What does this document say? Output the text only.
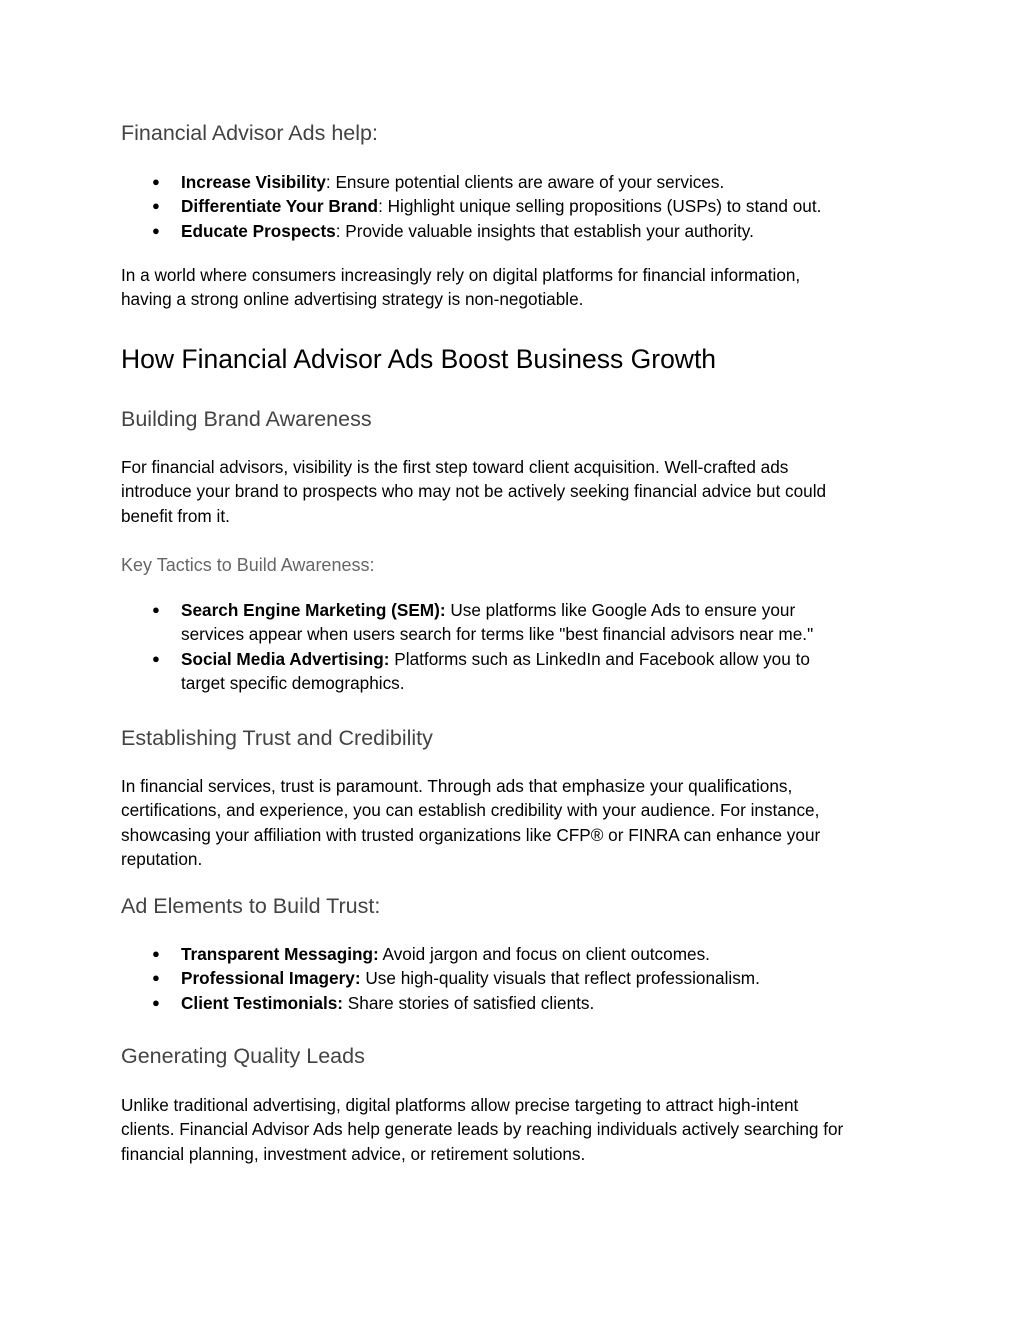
Financial Advisor Ads help:
● Increase Visibility: Ensure potential clients are aware of your services.
● Differentiate Your Brand: Highlight unique selling propositions (USPs) to stand out.
● Educate Prospects: Provide valuable insights that establish your authority.

In a world where consumers increasingly rely on digital platforms for financial information,
having a strong online advertising strategy is non-negotiable.

How Financial Advisor Ads Boost Business Growth
Building Brand Awareness

For financial advisors, visibility is the first step toward client acquisition. Well-crafted ads
introduce your brand to prospects who may not be actively seeking financial advice but could
benefit from it.

Key Tactics to Build Awareness:
● Search Engine Marketing (SEM): Use platforms like Google Ads to ensure your
services appear when users search for terms like "best financial advisors near me."
● Social Media Advertising: Platforms such as LinkedIn and Facebook allow you to
target specific demographics.
Establishing Trust and Credibility

In financial services, trust is paramount. Through ads that emphasize your qualifications,
certifications, and experience, you can establish credibility with your audience. For instance,
showcasing your affiliation with trusted organizations like CFP® or FINRA can enhance your
reputation.

Ad Elements to Build Trust:
● Transparent Messaging: Avoid jargon and focus on client outcomes.
● Professional Imagery: Use high-quality visuals that reflect professionalism.
● Client Testimonials: Share stories of satisfied clients.
Generating Quality Leads

Unlike traditional advertising, digital platforms allow precise targeting to attract high-intent
clients. Financial Advisor Ads help generate leads by reaching individuals actively searching for
financial planning, investment advice, or retirement solutions.
